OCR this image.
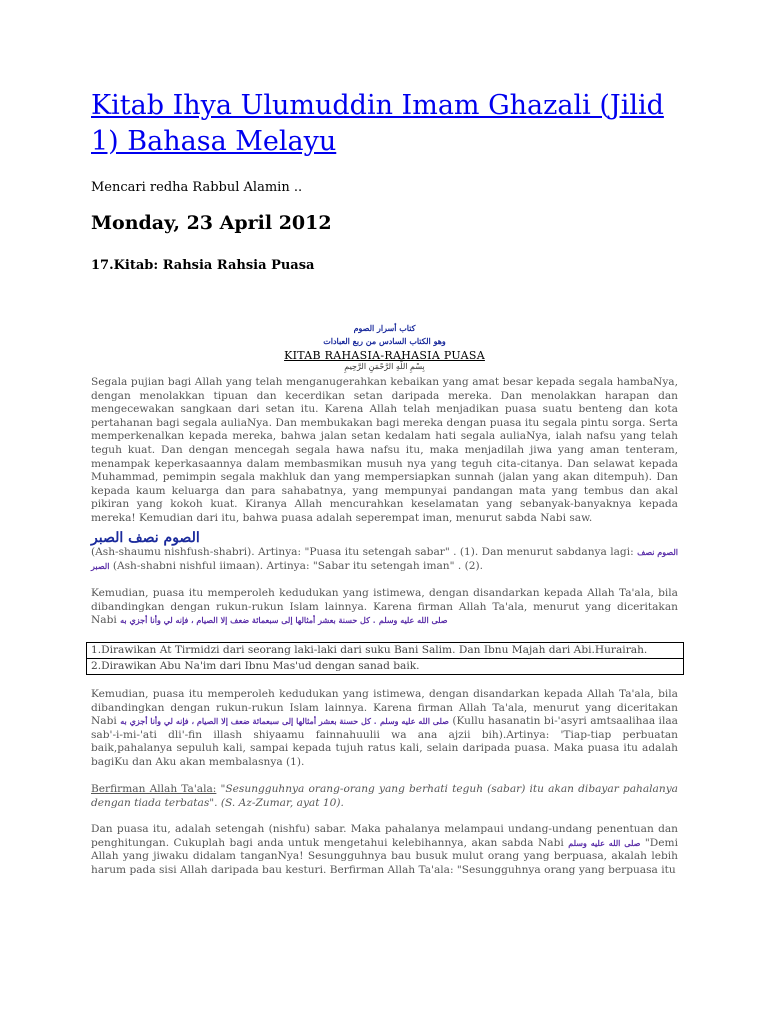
Kitab Ihya Ulumuddin Imam Ghazali (Jilid 1) Bahasa Melayu
Mencari redha Rabbul Alamin ..
Monday, 23 April 2012
17.Kitab: Rahsia Rahsia Puasa
كتاب أسرار الصوم
وهو الكتاب السادس من ربع العبادات
KITAB RAHASIA-RAHASIA PUASA
بِسْمِ اللَّهِ الرَّحْمَنِ الرَّحِيمِ

Segala pujian bagi Allah yang telah menganugerahkan kebaikan yang amat besar kepada segala hambaNya, dengan menolakkan tipuan dan kecerdikan setan daripada mereka. Dan menolakkan harapan dan mengecewakan sangkaan dari setan itu. Karena Allah telah menjadikan puasa suatu benteng dan kota pertahanan bagi segala auliaNya. Dan membukakan bagi mereka dengan puasa itu segala pintu sorga. Serta memperkenalkan kepada mereka, bahwa jalan setan kedalam hati segala auliaNya, ialah nafsu yang telah teguh kuat. Dan dengan mencegah segala hawa nafsu itu, maka menjadilah jiwa yang aman tenteram, menampak keperkasaannya dalam membasmikan musuh nya yang teguh cita-citanya. Dan selawat kepada Muhammad, pemimpin segala makhluk dan yang mempersiapkan sunnah (jalan yang akan ditempuh). Dan kepada kaum keluarga dan para sahabatnya, yang mempunyai pandangan mata yang tembus dan akal pikiran yang kokoh kuat. Kiranya Allah mencurahkan keselamatan yang sebanyak-banyaknya kepada mereka! Kemudian dari itu, bahwa puasa adalah seperempat iman, menurut sabda Nabi saw.

الصوم نصف الصبر

(Ash-shaumu nishfush-shabri). Artinya: "Puasa itu setengah sabar" . (1). Dan menurut sabdanya lagi: الصوم نصف الصبر (Ash-shabni nishful iimaan). Artinya: "Sabar itu setengah iman" . (2).

Kemudian, puasa itu memperoleh kedudukan yang istimewa, dengan disandarkan kepada Allah Ta'ala, bila dibandingkan dengan rukun-rukun Islam lainnya. Karena firman Allah Ta'ala, menurut yang diceritakan Nabi	صلى الله عليه وسلم . كل حسنة بعشر أمثالها إلى سبعمائة ضعف إلا الصيام ، فإنه لي وأنا أجزي به

1.Dirawikan At Tirmidzi dari seorang laki-laki dari suku Bani Salim. Dan Ibnu Majah dari Abi.Hurairah.
2.Dirawikan Abu Na'im dari Ibnu Mas'ud dengan sanad baik.

Kemudian, puasa itu memperoleh kedudukan yang istimewa, dengan disandarkan kepada Allah Ta'ala, bila dibandingkan dengan rukun-rukun Islam lainnya. Karena firman Allah Ta'ala, menurut yang diceritakan Nabi	صلى الله عليه وسلم . كل حسنة بعشر أمثالها إلى سبعمائة ضعف إلا الصيام ، فإنه لي وأنا أجزي به	(Kullu hasanatin bi-'asyri amtsaalihaa ilaa sab'-i-mi-'ati dli'-fin illash shiyaamu fainnahuulii wa ana ajzii bih).Artinya: 'Tiap-tiap perbuatan baik,pahalanya sepuluh kali, sampai kepada tujuh ratus kali, selain daripada puasa. Maka puasa itu adalah bagiKu dan Aku akan membalasnya (1).

Berfirman Allah Ta'ala: "Sesungguhnya orang-orang yang berhati teguh (sabar) itu akan dibayar pahalanya dengan tiada terbatas". (S. Az-Zumar, ayat 10).

Dan puasa itu, adalah setengah (nishfu) sabar. Maka pahalanya melampaui undang-undang penentuan dan penghitungan. Cukuplah bagi anda untuk mengetahui kelebihannya, akan sabda Nabi صلى الله عليه وسلم "Demi Allah yang jiwaku didalam tanganNya! Sesungguhnya bau busuk mulut orang yang berpuasa, akalah lebih harum pada sisi Allah daripada bau kesturi. Berfirman Allah Ta'ala: "Sesungguhnya orang yang berpuasa itu
